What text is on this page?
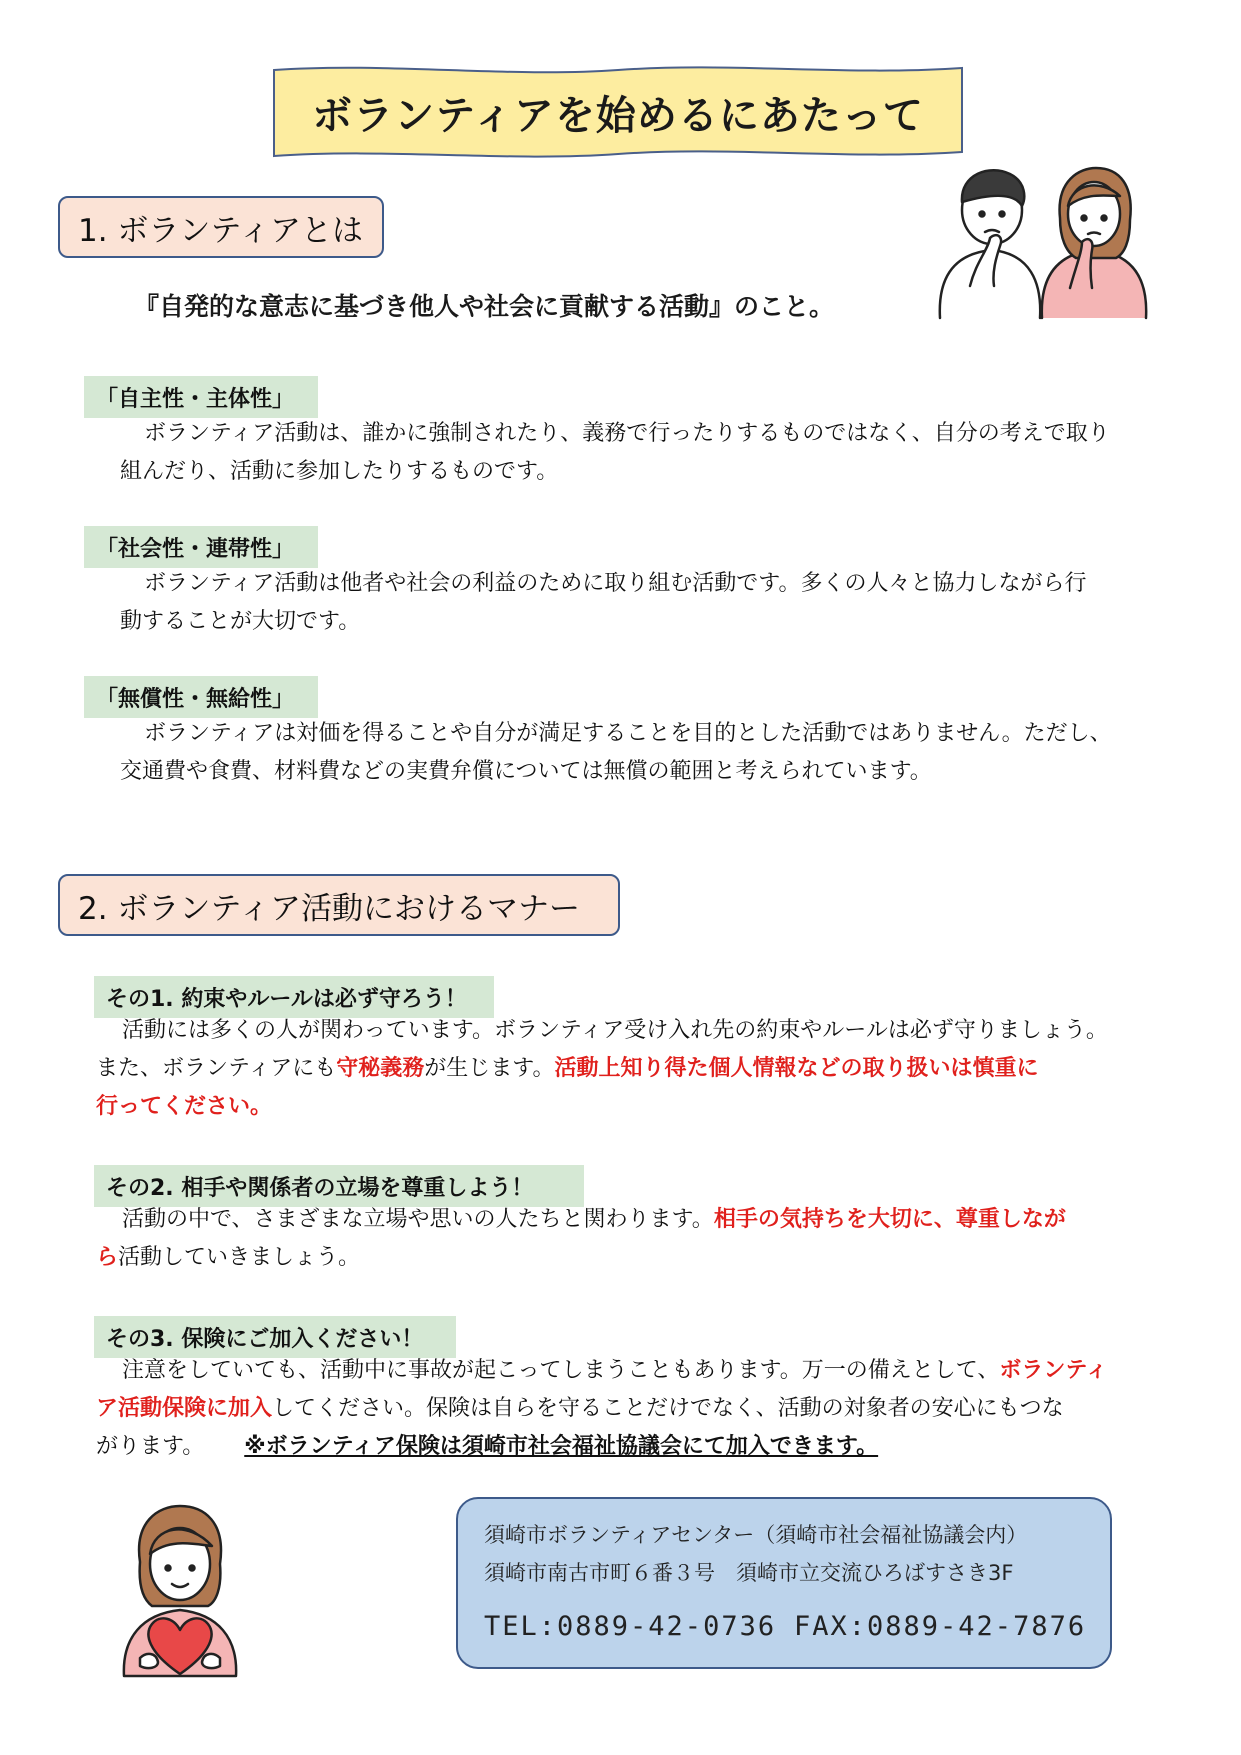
ボランティアを始めるにあたって
1. ボランティアとは
『自発的な意志に基づき他人や社会に貢献する活動』のこと。
「自主性・主体性」
ボランティア活動は、誰かに強制されたり、義務で行ったりするものではなく、自分の考えで取り 組んだり、活動に参加したりするものです。
「社会性・連帯性」
ボランティア活動は他者や社会の利益のために取り組む活動です。多くの人々と協力しながら行 動することが大切です。
「無償性・無給性」
ボランティアは対価を得ることや自分が満足することを目的とした活動ではありません。ただし、 交通費や食費、材料費などの実費弁償については無償の範囲と考えられています。
2. ボランティア活動におけるマナー
その1. 約束やルールは必ず守ろう！
活動には多くの人が関わっています。ボランティア受け入れ先の約束やルールは必ず守りましょう。 また、ボランティアにも守秘義務が生じます。活動上知り得た個人情報などの取り扱いは慎重に 行ってください。
その2. 相手や関係者の立場を尊重しよう！
活動の中で、さまざまな立場や思いの人たちと関わります。相手の気持ちを大切に、尊重しなが ら活動していきましょう。
その3. 保険にご加入ください！
注意をしていても、活動中に事故が起こってしまうこともあります。万一の備えとして、ボランティ ア活動保険に加入してください。保険は自らを守ることだけでなく、活動の対象者の安心にもつな がります。 ※ボランティア保険は須崎市社会福祉協議会にて加入できます。
須崎市ボランティアセンター（須崎市社会福祉協議会内）
須崎市南古市町６番３号　須崎市立交流ひろばすさき3F
TEL:0889-42-0736 FAX:0889-42-7876
